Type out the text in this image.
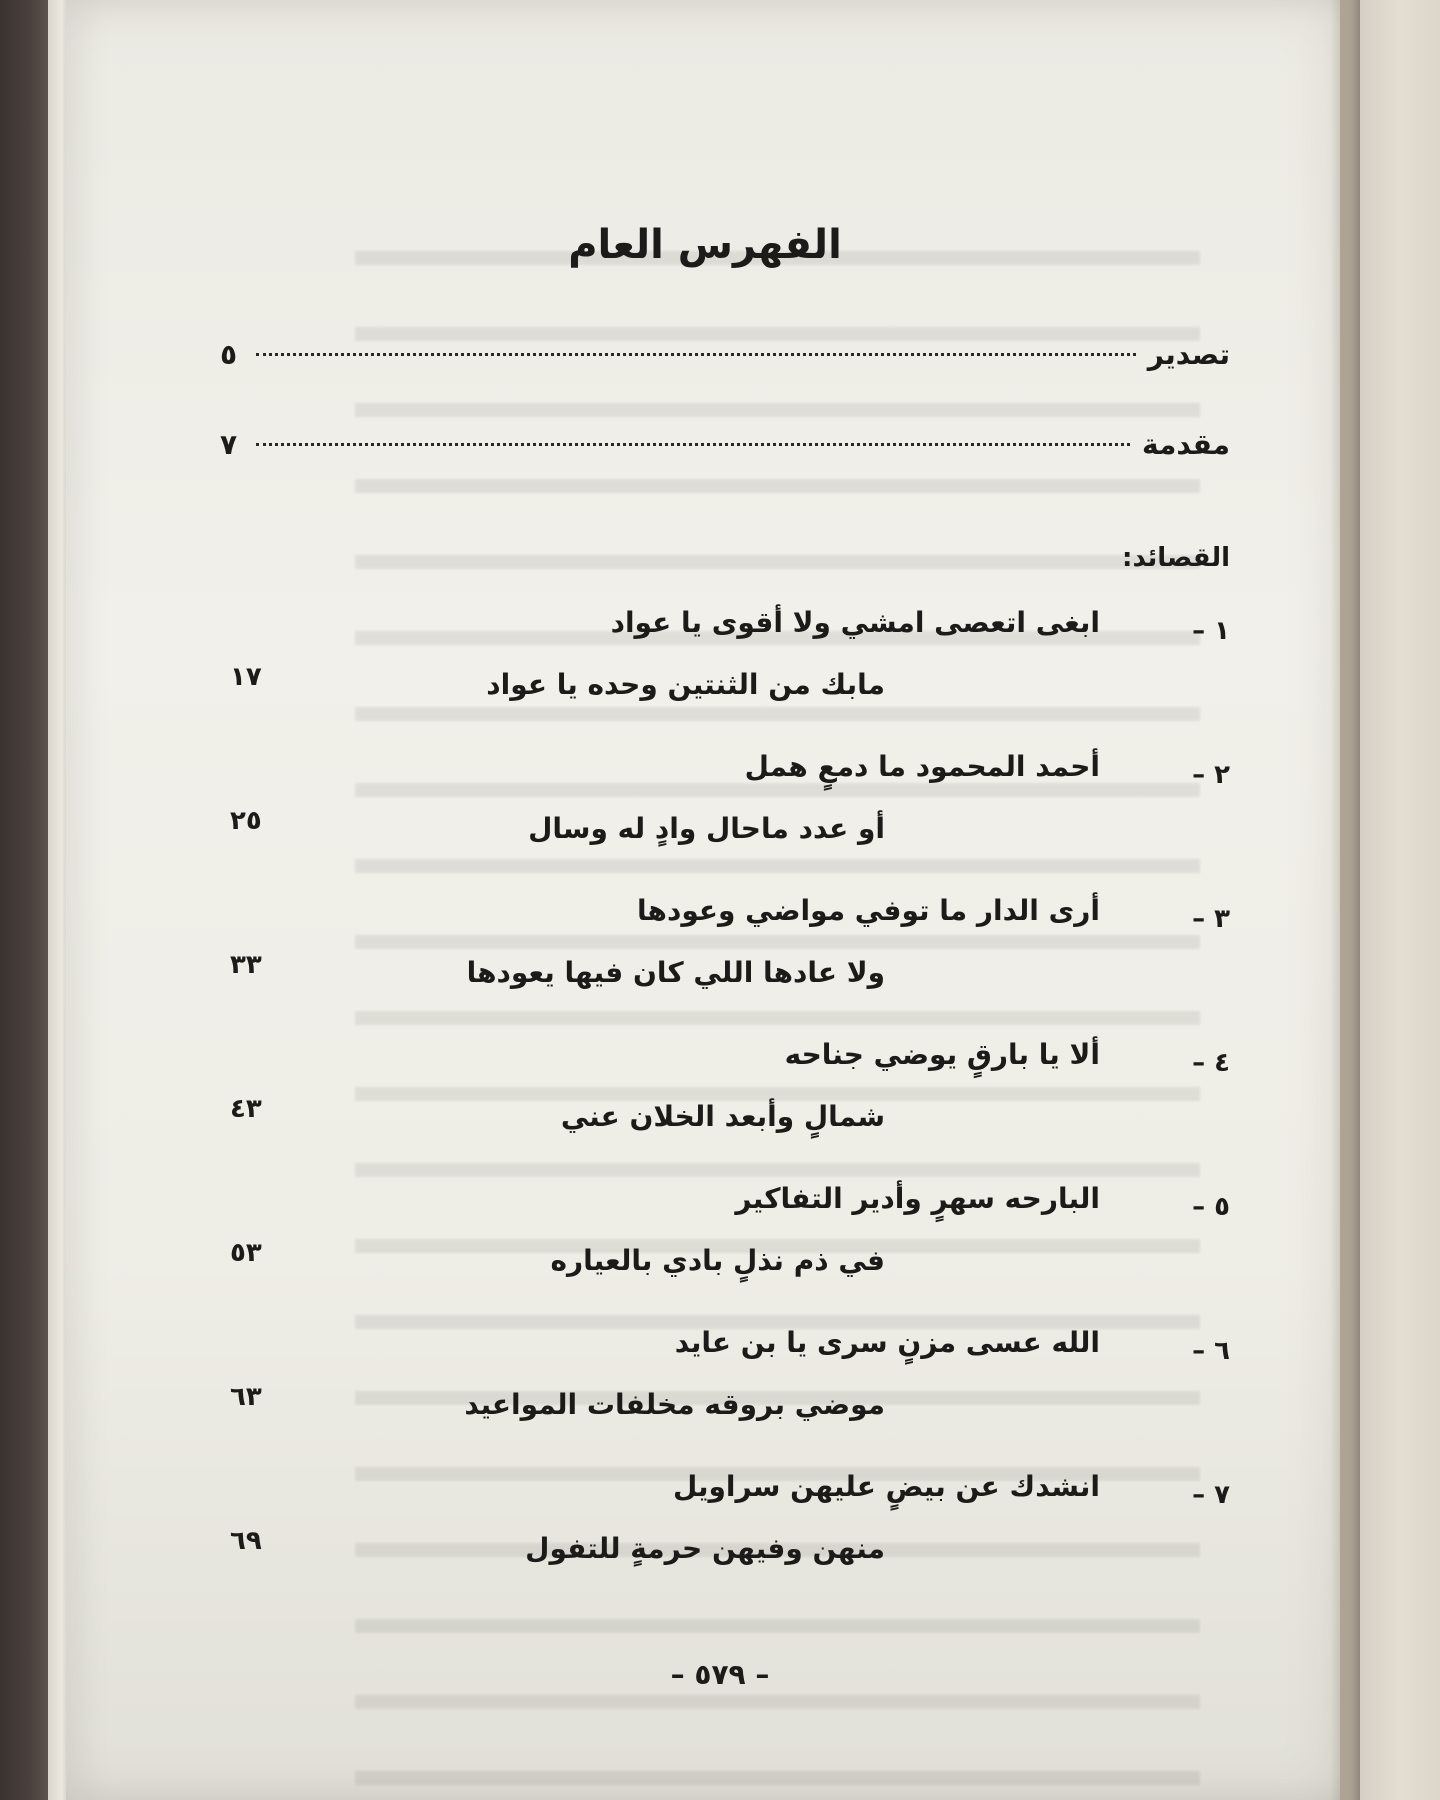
الفهرس العام
تصدير
٥
مقدمة
٧
القصائد:
١ –
ابغى اتعصى امشي ولا أقوى يا عواد
مابك من الثنتين وحده يا عواد
١٧
٢ –
أحمد المحمود ما دمعٍ همل
أو عدد ماحال وادٍ له وسال
٢٥
٣ –
أرى الدار ما توفي مواضي وعودها
ولا عادها اللي كان فيها يعودها
٣٣
٤ –
ألا يا بارقٍ يوضي جناحه
شمالٍ وأبعد الخلان عني
٤٣
٥ –
البارحه سهرٍ وأدير التفاكير
في ذم نذلٍ بادي بالعياره
٥٣
٦ –
الله عسى مزنٍ سرى يا بن عايد
موضي بروقه مخلفات المواعيد
٦٣
٧ –
انشدك عن بيضٍ عليهن سراويل
منهن وفيهن حرمةٍ للتفول
٦٩
– ٥٧٩ –
